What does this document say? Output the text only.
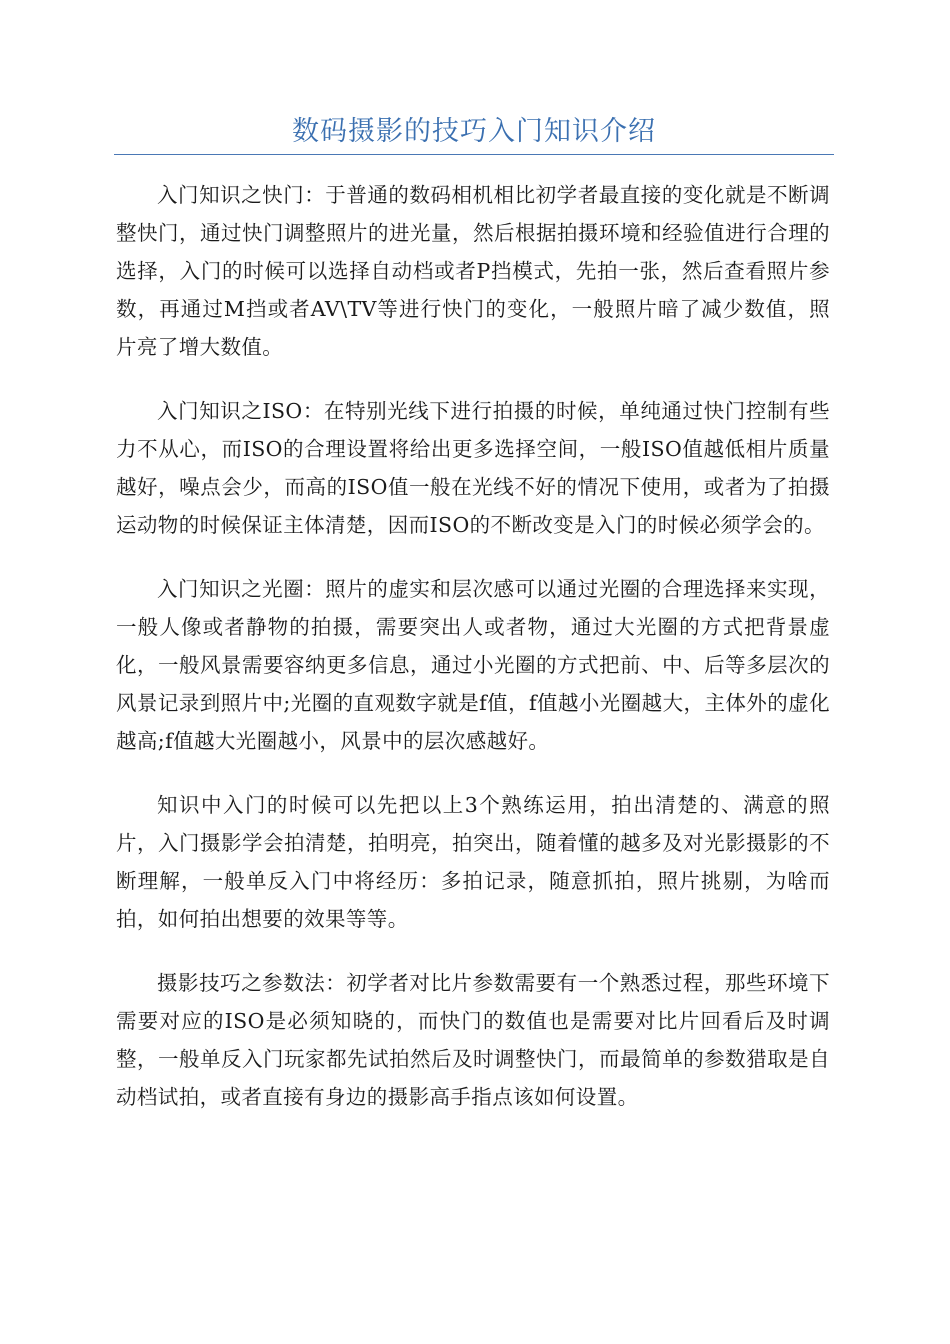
数码摄影的技巧入门知识介绍

入门知识之快门：于普通的数码相机相比初学者最直接的变化就是不断调整快门，通过快门调整照片的进光量，然后根据拍摄环境和经验值进行合理的选择，入门的时候可以选择自动档或者P挡模式，先拍一张，然后查看照片参数，再通过M挡或者AV\TV等进行快门的变化，一般照片暗了减少数值，照片亮了增大数值。

入门知识之ISO：在特别光线下进行拍摄的时候，单纯通过快门控制有些力不从心，而ISO的合理设置将给出更多选择空间，一般ISO值越低相片质量越好，噪点会少，而高的ISO值一般在光线不好的情况下使用，或者为了拍摄运动物的时候保证主体清楚，因而ISO的不断改变是入门的时候必须学会的。

入门知识之光圈：照片的虚实和层次感可以通过光圈的合理选择来实现，一般人像或者静物的拍摄，需要突出人或者物，通过大光圈的方式把背景虚化，一般风景需要容纳更多信息，通过小光圈的方式把前、中、后等多层次的风景记录到照片中;光圈的直观数字就是f值，f值越小光圈越大，主体外的虚化越高;f值越大光圈越小，风景中的层次感越好。

知识中入门的时候可以先把以上3个熟练运用，拍出清楚的、满意的照片，入门摄影学会拍清楚，拍明亮，拍突出，随着懂的越多及对光影摄影的不断理解，一般单反入门中将经历：多拍记录，随意抓拍，照片挑剔，为啥而拍，如何拍出想要的效果等等。

摄影技巧之参数法：初学者对比片参数需要有一个熟悉过程，那些环境下需要对应的ISO是必须知晓的，而快门的数值也是需要对比片回看后及时调整，一般单反入门玩家都先试拍然后及时调整快门，而最简单的参数猎取是自动档试拍，或者直接有身边的摄影高手指点该如何设置。
